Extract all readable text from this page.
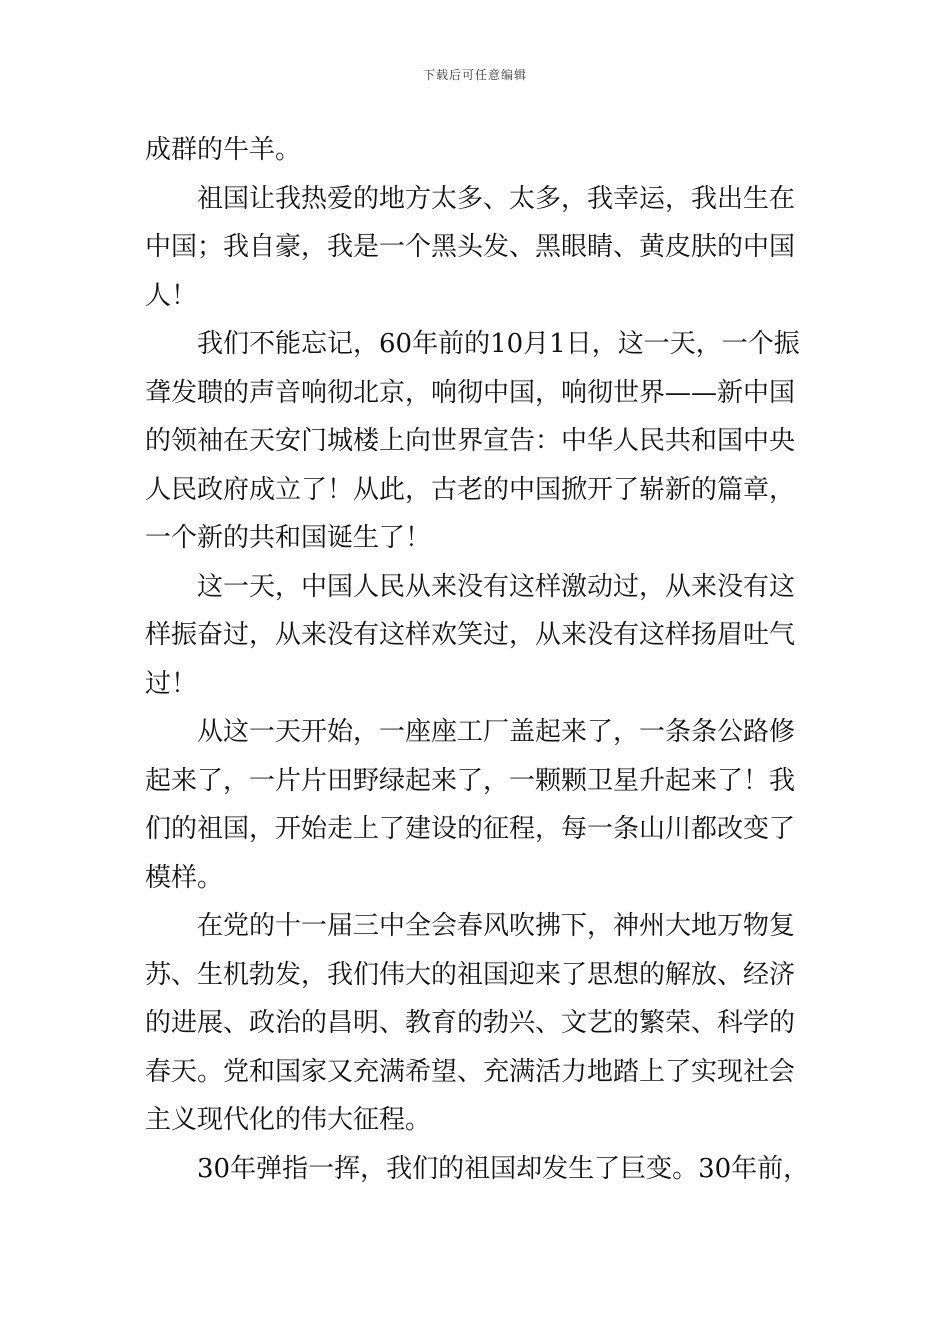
下载后可任意编辑
成群的牛羊。
祖国让我热爱的地方太多、太多，我幸运，我出生在
中国；我自豪，我是一个黑头发、黑眼睛、黄皮肤的中国
人！
我们不能忘记，60年前的10月1日，这一天，一个振
聋发聩的声音响彻北京，响彻中国，响彻世界——新中国
的领袖在天安门城楼上向世界宣告：中华人民共和国中央
人民政府成立了！从此，古老的中国掀开了崭新的篇章，
一个新的共和国诞生了！
这一天，中国人民从来没有这样激动过，从来没有这
样振奋过，从来没有这样欢笑过，从来没有这样扬眉吐气
过！
从这一天开始，一座座工厂盖起来了，一条条公路修
起来了，一片片田野绿起来了，一颗颗卫星升起来了！我
们的祖国，开始走上了建设的征程，每一条山川都改变了
模样。
在党的十一届三中全会春风吹拂下，神州大地万物复
苏、生机勃发，我们伟大的祖国迎来了思想的解放、经济
的进展、政治的昌明、教育的勃兴、文艺的繁荣、科学的
春天。党和国家又充满希望、充满活力地踏上了实现社会
主义现代化的伟大征程。
30年弹指一挥，我们的祖国却发生了巨变。30年前，
